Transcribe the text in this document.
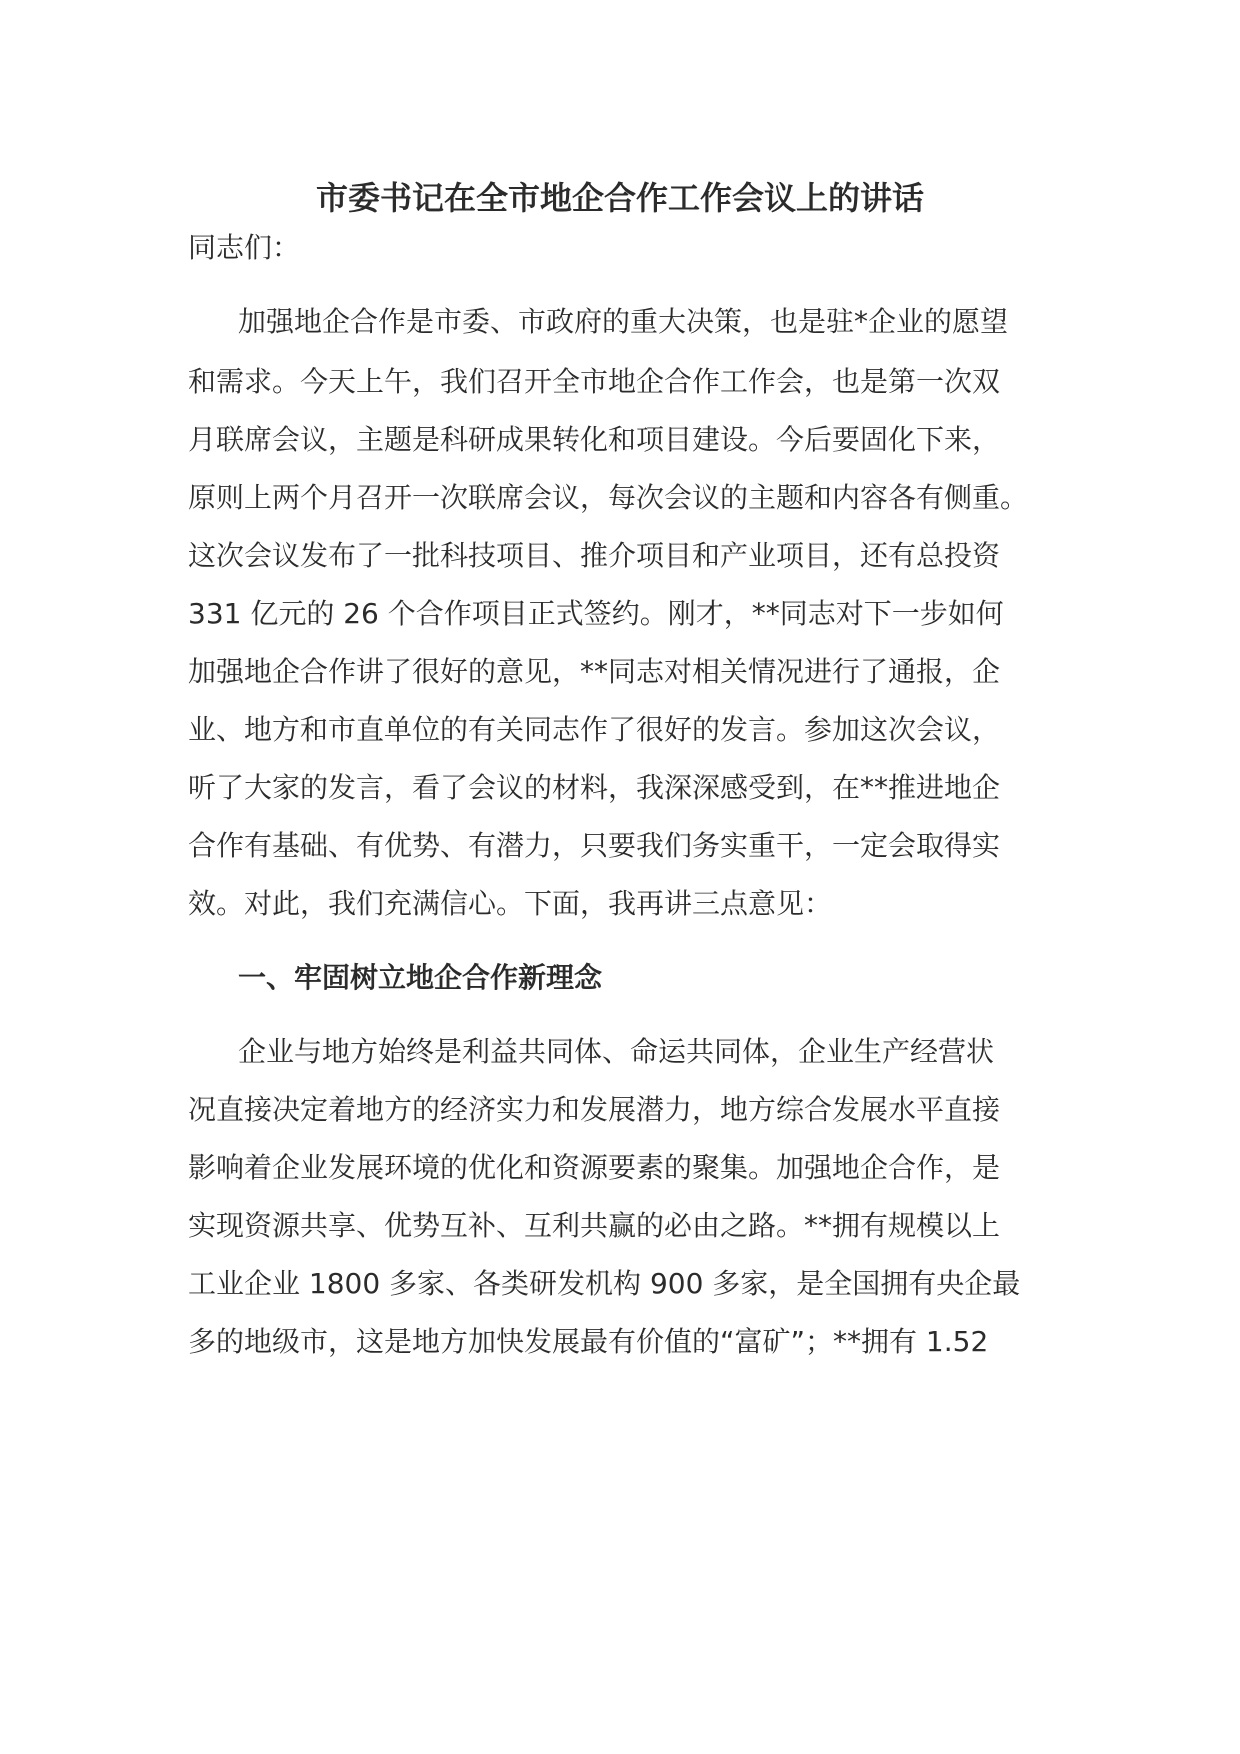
市委书记在全市地企合作工作会议上的讲话

同志们：

加强地企合作是市委、市政府的重大决策，也是驻*企业的愿望

和需求。今天上午，我们召开全市地企合作工作会，也是第一次双

月联席会议，主题是科研成果转化和项目建设。今后要固化下来，

原则上两个月召开一次联席会议，每次会议的主题和内容各有侧重。

这次会议发布了一批科技项目、推介项目和产业项目，还有总投资

331 亿元的 26 个合作项目正式签约。刚才，**同志对下一步如何

加强地企合作讲了很好的意见，**同志对相关情况进行了通报，企

业、地方和市直单位的有关同志作了很好的发言。参加这次会议，

听了大家的发言，看了会议的材料，我深深感受到，在**推进地企

合作有基础、有优势、有潜力，只要我们务实重干，一定会取得实

效。对此，我们充满信心。下面，我再讲三点意见：

一、牢固树立地企合作新理念

企业与地方始终是利益共同体、命运共同体，企业生产经营状

况直接决定着地方的经济实力和发展潜力，地方综合发展水平直接

影响着企业发展环境的优化和资源要素的聚集。加强地企合作，是

实现资源共享、优势互补、互利共赢的必由之路。**拥有规模以上

工业企业 1800 多家、各类研发机构 900 多家，是全国拥有央企最

多的地级市，这是地方加快发展最有价值的“富矿”；**拥有 1.52
